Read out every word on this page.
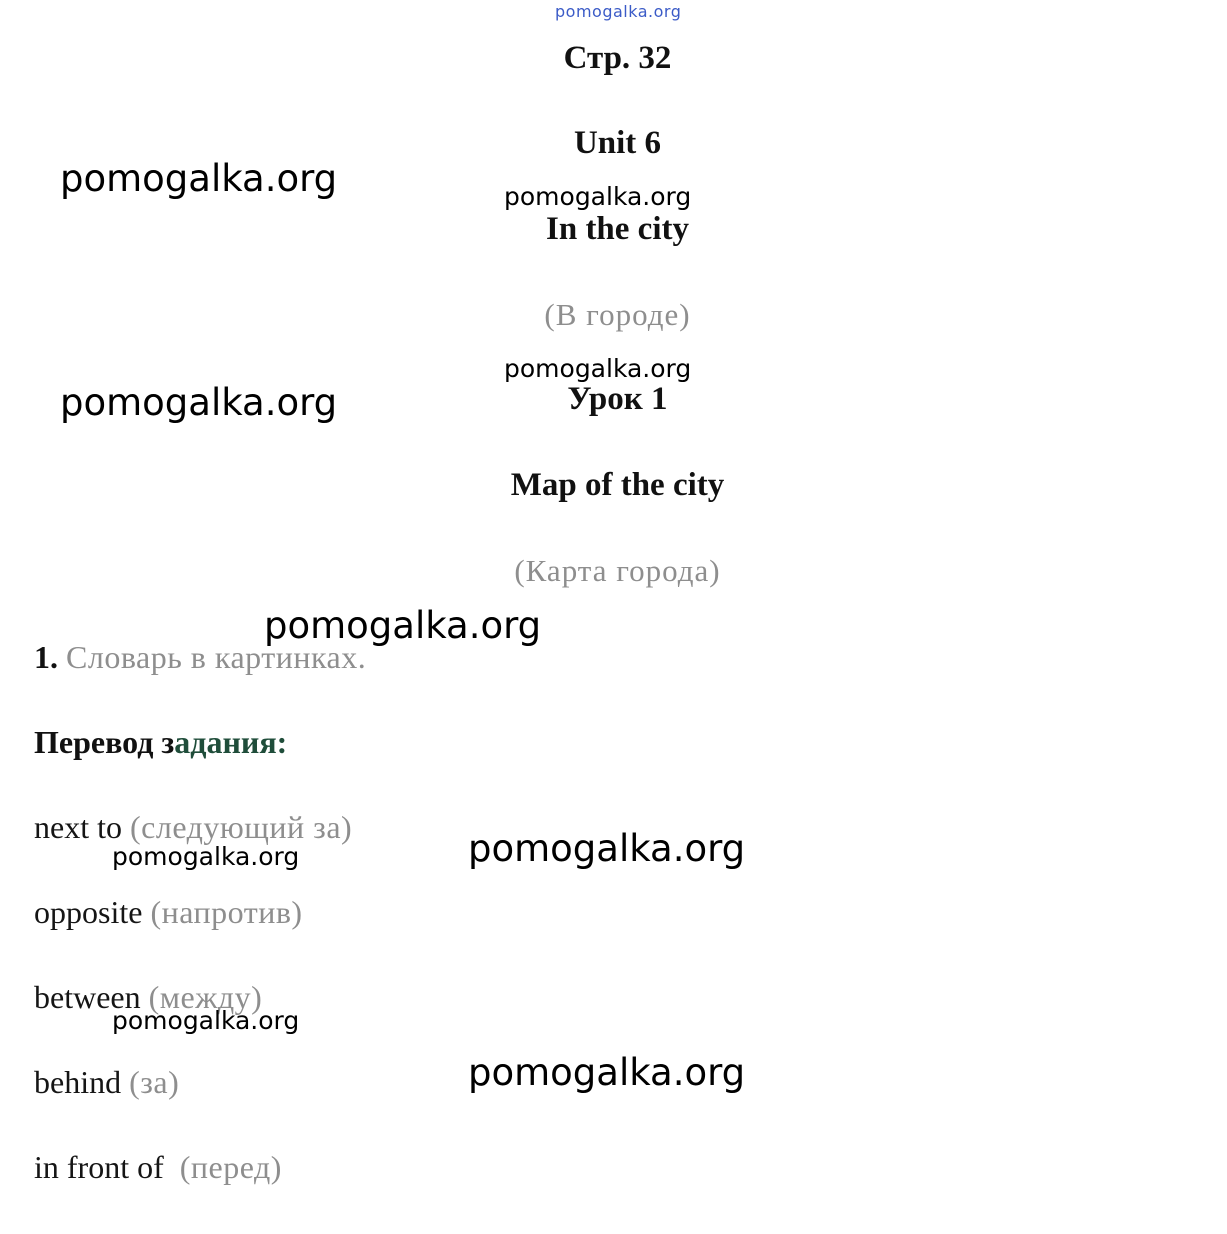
pomogalka.org
Стр. 32
Unit 6
pomogalka.org	pomogalka.org
In the city
(В городе)
pomogalka.org
Урок 1
pomogalka.org
Map of the city
(Карта города)
pomogalka.org
1. Словарь в картинках.
Перевод задания:
next to (следующий за)	pomogalka.org
pomogalka.org
opposite (напротив)
between (между)
pomogalka.org
behind (за)	pomogalka.org
in front of (перед)
